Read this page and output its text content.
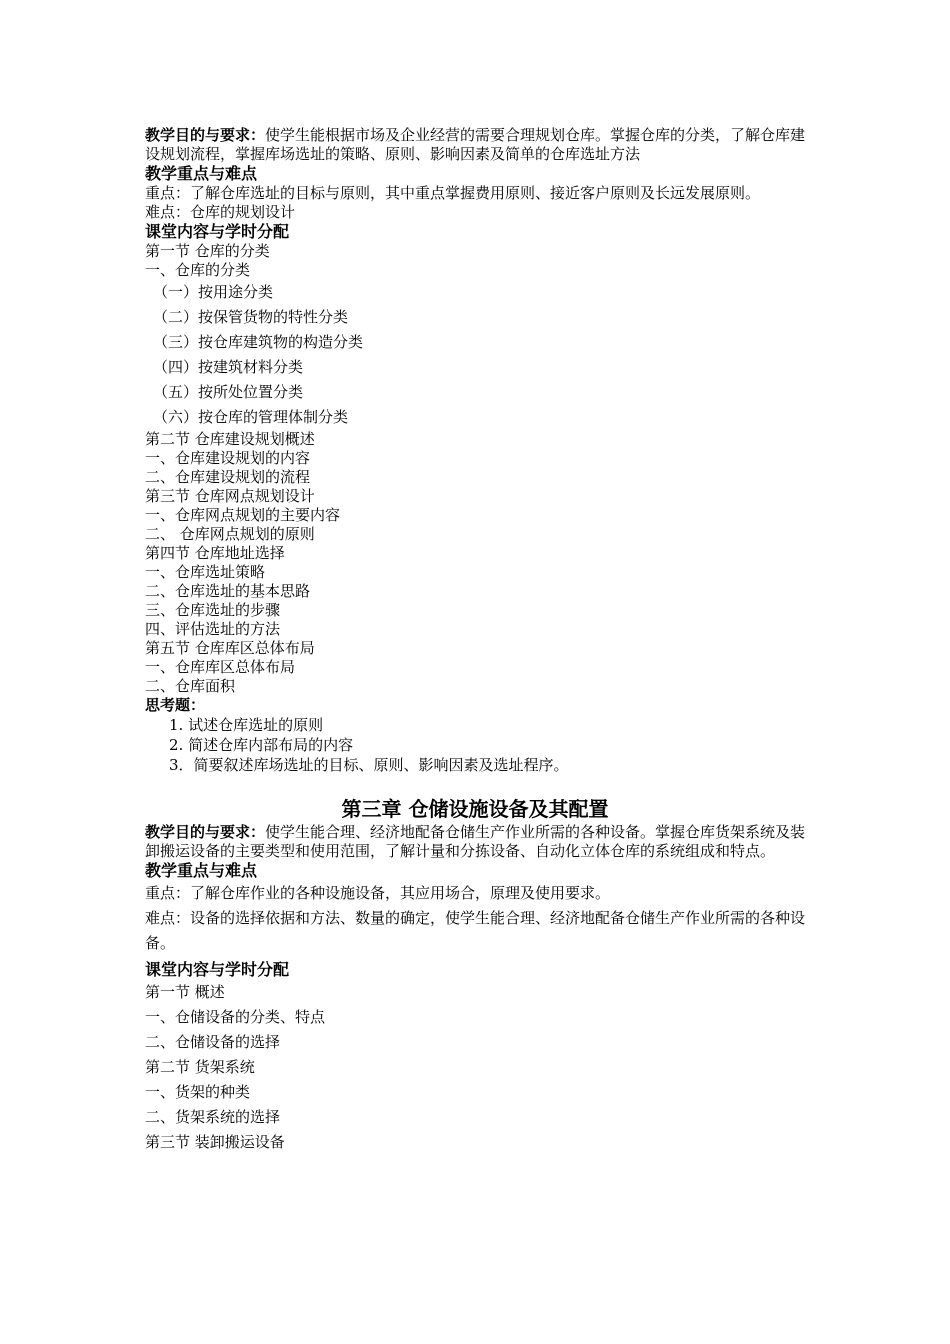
教学目的与要求：使学生能根据市场及企业经营的需要合理规划仓库。掌握仓库的分类，了解仓库建设规划流程，掌握库场选址的策略、原则、影响因素及简单的仓库选址方法
教学重点与难点
重点：了解仓库选址的目标与原则，其中重点掌握费用原则、接近客户原则及长远发展原则。
难点：仓库的规划设计
课堂内容与学时分配
第一节 仓库的分类
一、仓库的分类
（一）按用途分类
（二）按保管货物的特性分类
（三）按仓库建筑物的构造分类
（四）按建筑材料分类
（五）按所处位置分类
（六）按仓库的管理体制分类
第二节 仓库建设规划概述
一、仓库建设规划的内容
二、仓库建设规划的流程
第三节 仓库网点规划设计
一、仓库网点规划的主要内容
二、 仓库网点规划的原则
第四节 仓库地址选择
一、仓库选址策略
二、仓库选址的基本思路
三、仓库选址的步骤
四、评估选址的方法
第五节 仓库库区总体布局
一、仓库库区总体布局
二、仓库面积
思考题：
1. 试述仓库选址的原则
2. 简述仓库内部布局的内容
3．简要叙述库场选址的目标、原则、影响因素及选址程序。
第三章 仓储设施设备及其配置
教学目的与要求：使学生能合理、经济地配备仓储生产作业所需的各种设备。掌握仓库货架系统及装卸搬运设备的主要类型和使用范围，了解计量和分拣设备、自动化立体仓库的系统组成和特点。
教学重点与难点
重点：了解仓库作业的各种设施设备，其应用场合，原理及使用要求。
难点：设备的选择依据和方法、数量的确定，使学生能合理、经济地配备仓储生产作业所需的各种设备。
课堂内容与学时分配
第一节 概述
一、仓储设备的分类、特点
二、仓储设备的选择
第二节 货架系统
一、货架的种类
二、货架系统的选择
第三节 装卸搬运设备
